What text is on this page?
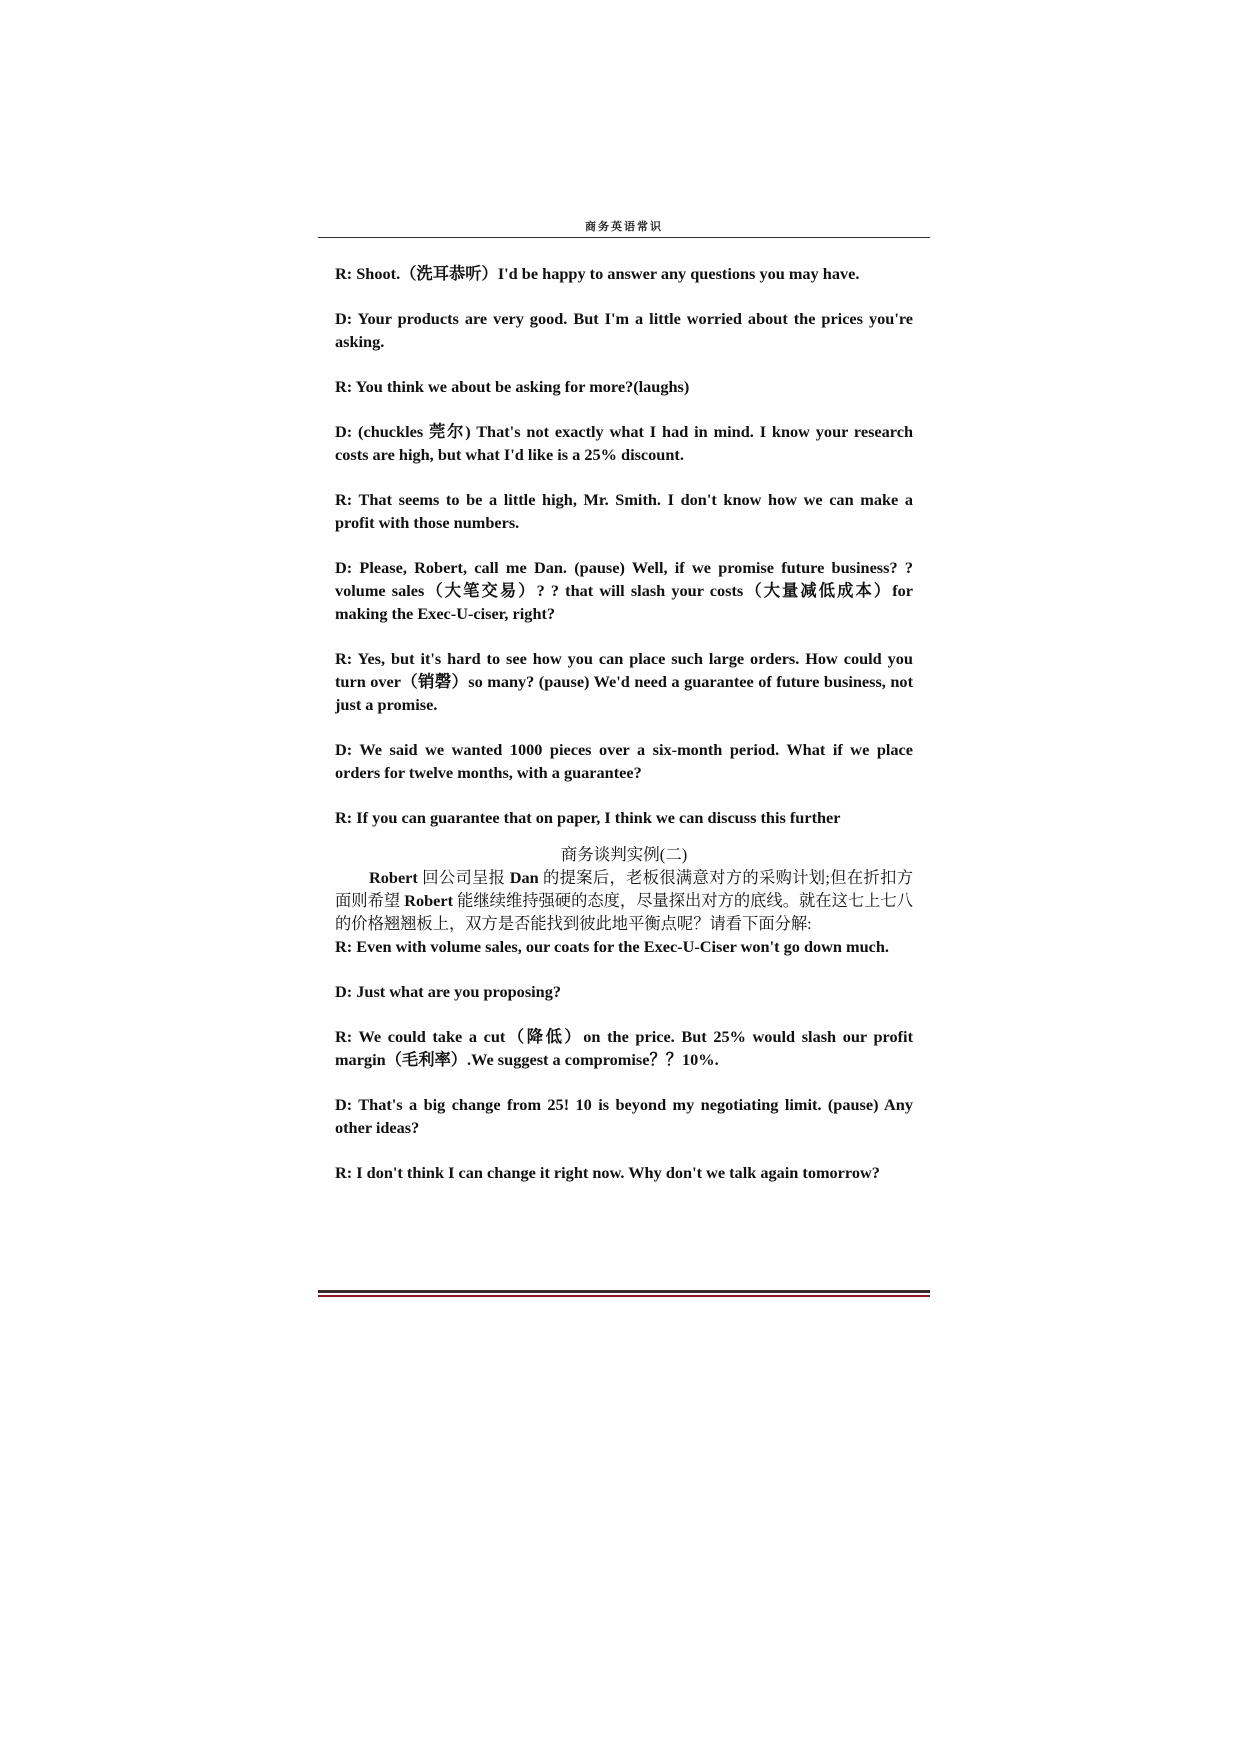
商务英语常识

R: Shoot.（洗耳恭听）I'd be happy to answer any questions you may have.

D: Your products are very good. But I'm a little worried about the prices you're asking.

R: You think we about be asking for more?(laughs)

D: (chuckles 莞尔) That's not exactly what I had in mind. I know your research costs are high, but what I'd like is a 25% discount.

R: That seems to be a little high, Mr. Smith. I don't know how we can make a profit with those numbers.

D: Please, Robert, call me Dan. (pause) Well, if we promise future business? ? volume sales（大笔交易）? ? that will slash your costs（大量减低成本）for making the Exec-U-ciser, right?

R: Yes, but it's hard to see how you can place such large orders. How could you turn over（销磬）so many? (pause) We'd need a guarantee of future business, not just a promise.

D: We said we wanted 1000 pieces over a six-month period. What if we place orders for twelve months, with a guarantee?

R: If you can guarantee that on paper, I think we can discuss this further

商务谈判实例(二)

Robert 回公司呈报 Dan 的提案后，老板很满意对方的采购计划;但在折扣方面则希望 Robert 能继续维持强硬的态度，尽量探出对方的底线。就在这七上七八的价格翘翘板上，双方是否能找到彼此地平衡点呢？请看下面分解:

R: Even with volume sales, our coats for the Exec-U-Ciser won't go down much.

D: Just what are you proposing?

R: We could take a cut（降低）on the price. But 25% would slash our profit margin（毛利率）.We suggest a compromise？？10%.

D: That's a big change from 25! 10 is beyond my negotiating limit. (pause) Any other ideas?

R: I don't think I can change it right now. Why don't we talk again tomorrow?
